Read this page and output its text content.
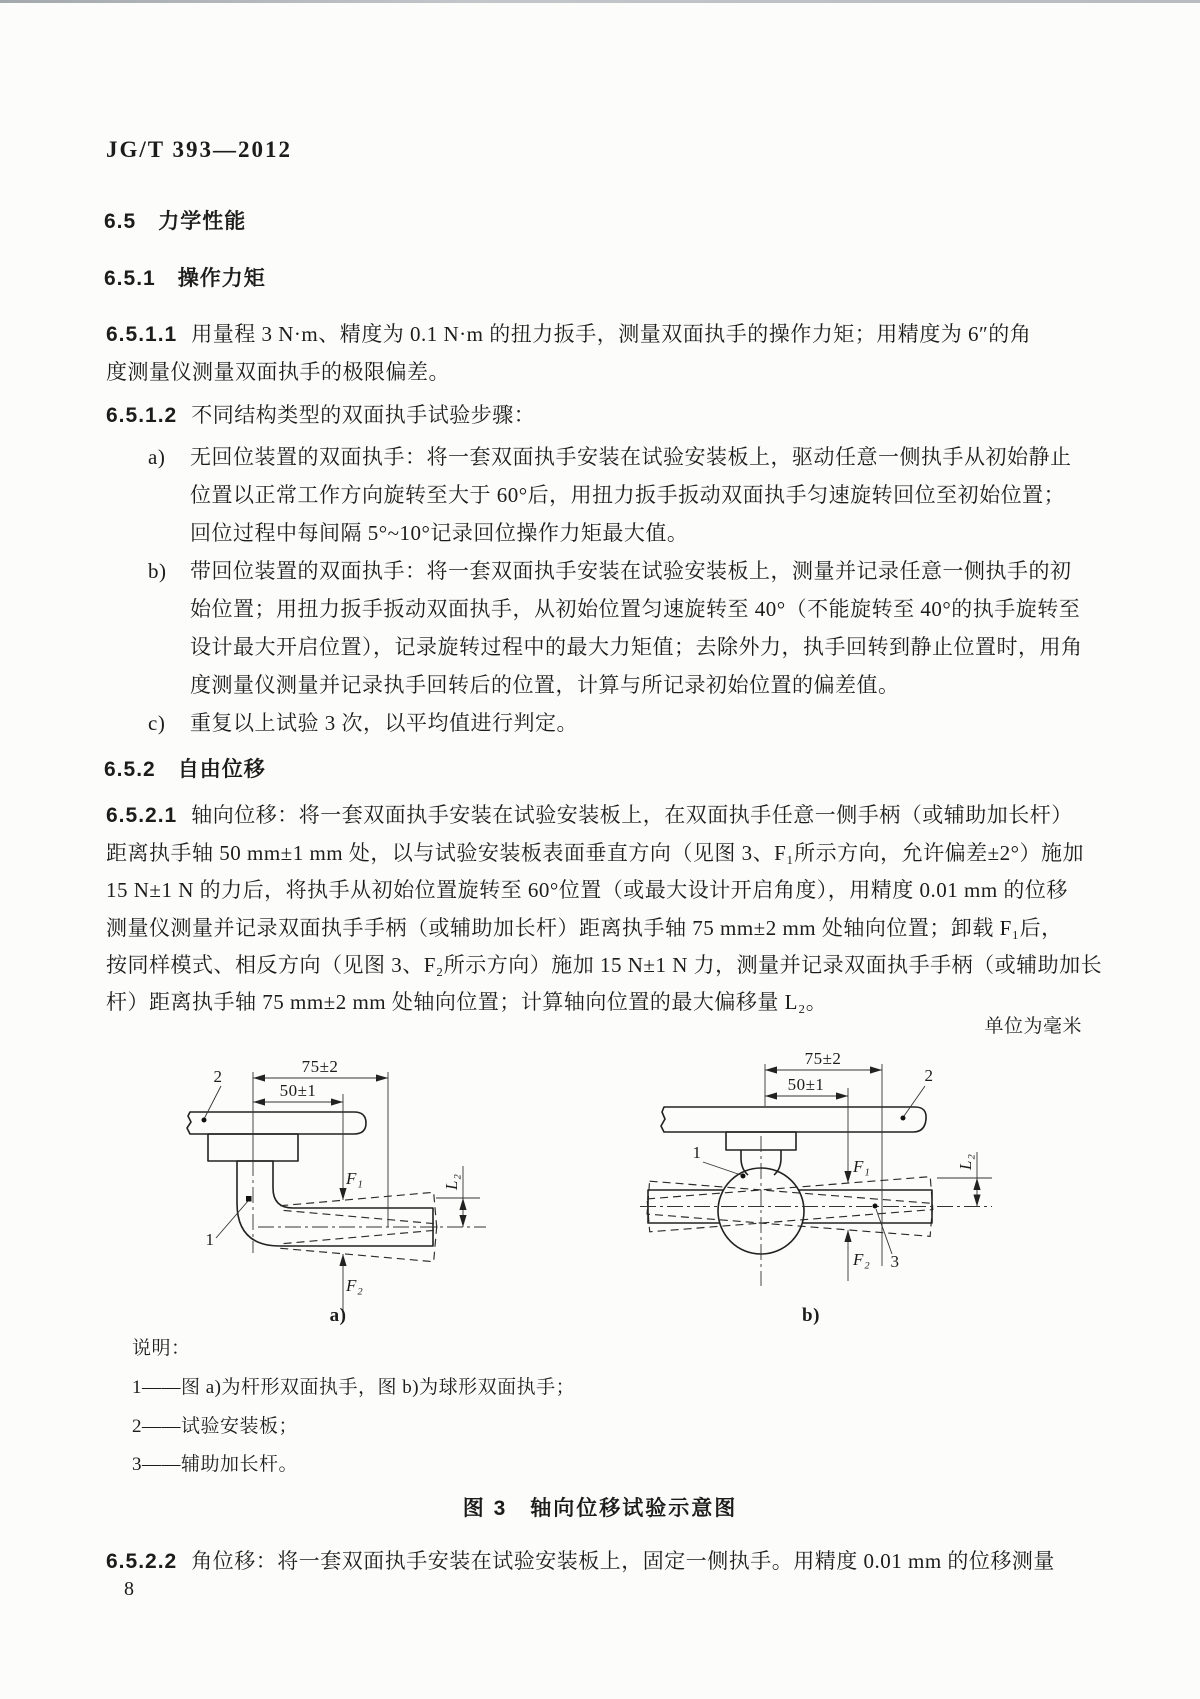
JG/T 393—2012
6.5　力学性能
6.5.1　操作力矩
6.5.1.1 用量程 3 N·m、精度为 0.1 N·m 的扭力扳手，测量双面执手的操作力矩；用精度为 6″的角
度测量仪测量双面执手的极限偏差。
6.5.1.2 不同结构类型的双面执手试验步骤：
a) 无回位装置的双面执手：将一套双面执手安装在试验安装板上，驱动任意一侧执手从初始静止
位置以正常工作方向旋转至大于 60°后，用扭力扳手扳动双面执手匀速旋转回位至初始位置；
回位过程中每间隔 5°~10°记录回位操作力矩最大值。
b) 带回位装置的双面执手：将一套双面执手安装在试验安装板上，测量并记录任意一侧执手的初
始位置；用扭力扳手扳动双面执手，从初始位置匀速旋转至 40°（不能旋转至 40°的执手旋转至
设计最大开启位置），记录旋转过程中的最大力矩值；去除外力，执手回转到静止位置时，用角
度测量仪测量并记录执手回转后的位置，计算与所记录初始位置的偏差值。
c) 重复以上试验 3 次，以平均值进行判定。
6.5.2　自由位移
6.5.2.1 轴向位移：将一套双面执手安装在试验安装板上，在双面执手任意一侧手柄（或辅助加长杆）
距离执手轴 50 mm±1 mm 处，以与试验安装板表面垂直方向（见图 3、F₁所示方向，允许偏差±2°）施加
15 N±1 N 的力后，将执手从初始位置旋转至 60°位置（或最大设计开启角度），用精度 0.01 mm 的位移
测量仪测量并记录双面执手手柄（或辅助加长杆）距离执手轴 75 mm±2 mm 处轴向位置；卸载 F₁后，
按同样模式、相反方向（见图 3、F₂所示方向）施加 15 N±1 N 力，测量并记录双面执手手柄（或辅助加长
杆）距离执手轴 75 mm±2 mm 处轴向位置；计算轴向位置的最大偏移量 L₂。
单位为毫米
75±2
50±1
F₁
F₂
L₂
2
1
a)
75±2
50±1
F₁
F₂
L₂
2
1
3
b)
说明：
1——图 a)为杆形双面执手，图 b)为球形双面执手；
2——试验安装板；
3——辅助加长杆。
图 3　轴向位移试验示意图
6.5.2.2 角位移：将一套双面执手安装在试验安装板上，固定一侧执手。用精度 0.01 mm 的位移测量
8
